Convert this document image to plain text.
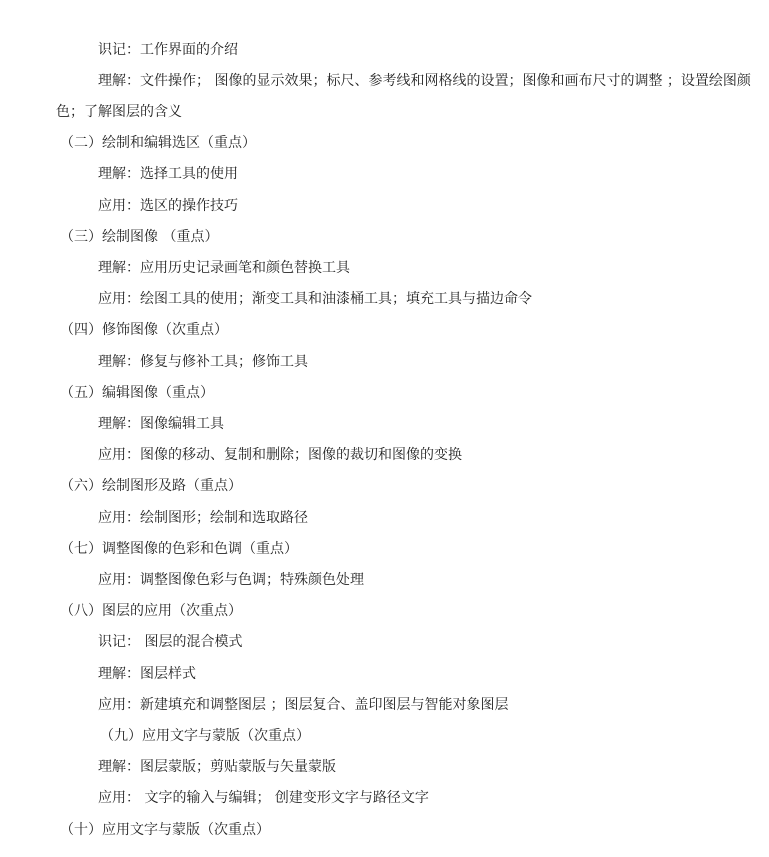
识记：工作界面的介绍
理解：文件操作； 图像的显示效果；标尺、参考线和网格线的设置；图像和画布尺寸的调整 ；设置绘图颜
色；了解图层的含义
（二）绘制和编辑选区（重点）
理解：选择工具的使用
应用：选区的操作技巧
（三）绘制图像 （重点）
理解：应用历史记录画笔和颜色替换工具
应用：绘图工具的使用；渐变工具和油漆桶工具；填充工具与描边命令
（四）修饰图像（次重点）
理解：修复与修补工具；修饰工具
（五）编辑图像（重点）
理解：图像编辑工具
应用：图像的移动、复制和删除；图像的裁切和图像的变换
（六）绘制图形及路（重点）
应用：绘制图形；绘制和选取路径
（七）调整图像的色彩和色调（重点）
应用：调整图像色彩与色调；特殊颜色处理
（八）图层的应用（次重点）
识记： 图层的混合模式
理解：图层样式
应用：新建填充和调整图层 ；图层复合、盖印图层与智能对象图层
（九）应用文字与蒙版（次重点）
理解：图层蒙版；剪贴蒙版与矢量蒙版
应用： 文字的输入与编辑； 创建变形文字与路径文字
（十）应用文字与蒙版（次重点）
